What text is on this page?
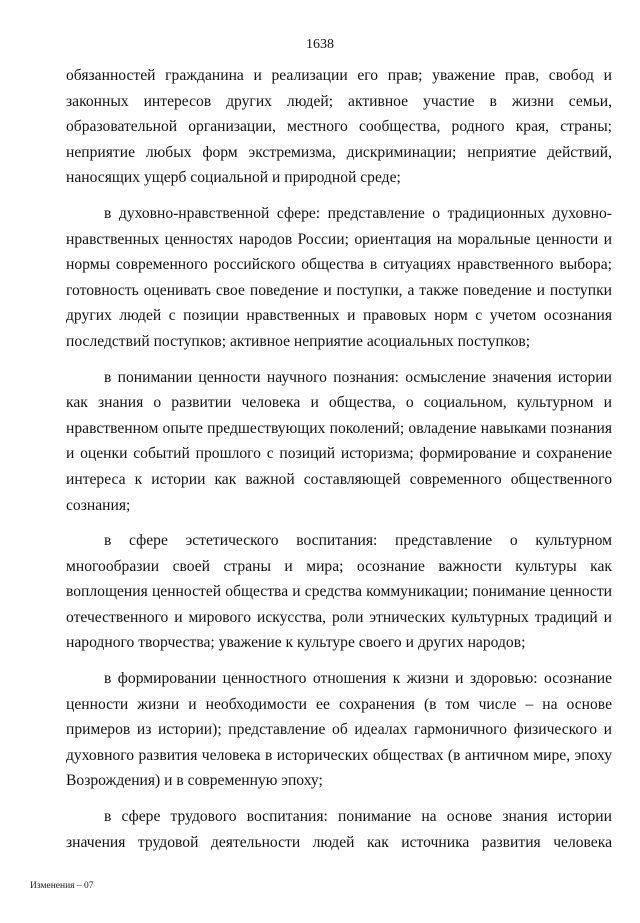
1638

обязанностей гражданина и реализации его прав; уважение прав, свобод и законных интересов других людей; активное участие в жизни семьи, образовательной организации, местного сообщества, родного края, страны; неприятие любых форм экстремизма, дискриминации; неприятие действий, наносящих ущерб социальной и природной среде;

в духовно-нравственной сфере: представление о традиционных духовно-нравственных ценностях народов России; ориентация на моральные ценности и нормы современного российского общества в ситуациях нравственного выбора; готовность оценивать свое поведение и поступки, а также поведение и поступки других людей с позиции нравственных и правовых норм с учетом осознания последствий поступков; активное неприятие асоциальных поступков;

в понимании ценности научного познания: осмысление значения истории как знания о развитии человека и общества, о социальном, культурном и нравственном опыте предшествующих поколений; овладение навыками познания и оценки событий прошлого с позиций историзма; формирование и сохранение интереса к истории как важной составляющей современного общественного сознания;

в сфере эстетического воспитания: представление о культурном многообразии своей страны и мира; осознание важности культуры как воплощения ценностей общества и средства коммуникации; понимание ценности отечественного и мирового искусства, роли этнических культурных традиций и народного творчества; уважение к культуре своего и других народов;

в формировании ценностного отношения к жизни и здоровью: осознание ценности жизни и необходимости ее сохранения (в том числе – на основе примеров из истории); представление об идеалах гармоничного физического и духовного развития человека в исторических обществах (в античном мире, эпоху Возрождения) и в современную эпоху;

в сфере трудового воспитания: понимание на основе знания истории значения трудовой деятельности людей как источника развития человека

Изменения – 07
